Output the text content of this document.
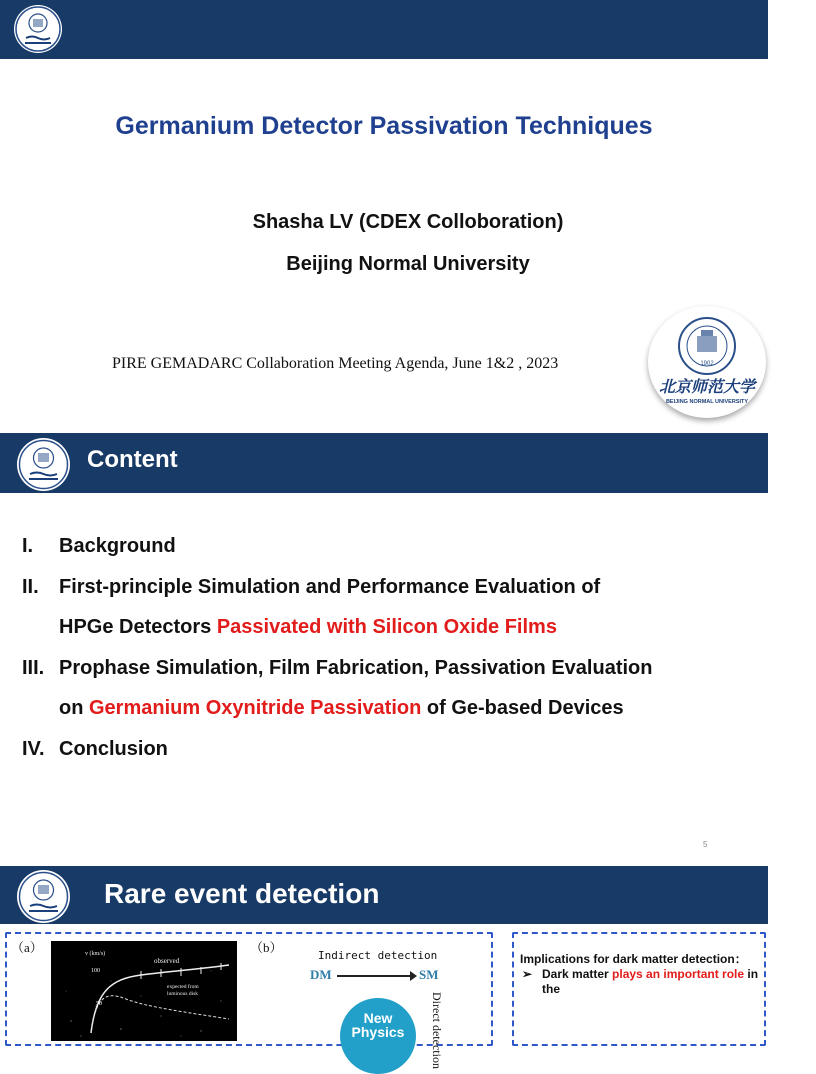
Germanium Detector Passivation Techniques
Shasha LV (CDEX Colloboration)
Beijing Normal University
PIRE GEMADARC Collaboration Meeting Agenda, June 1&2 , 2023	1902
北京师范大学
BEIJING NORMAL UNIVERSITY
Content
I. Background
II. First-principle Simulation and Performance Evaluation of
HPGe Detectors Passivated with Silicon Oxide Films
III. Prophase Simulation, Film Fabrication, Passivation Evaluation
on Germanium Oxynitride Passivation of Ge-based Devices
IV. Conclusion
5
Rare event detection
（a）	v (km/s)
100
50
observed
expected from
luminous disk
（b）
Indirect detection
DM	SM
New
Physics	Direct detection
Implications for dark matter detection：
➢ Dark matter plays an important role in the
